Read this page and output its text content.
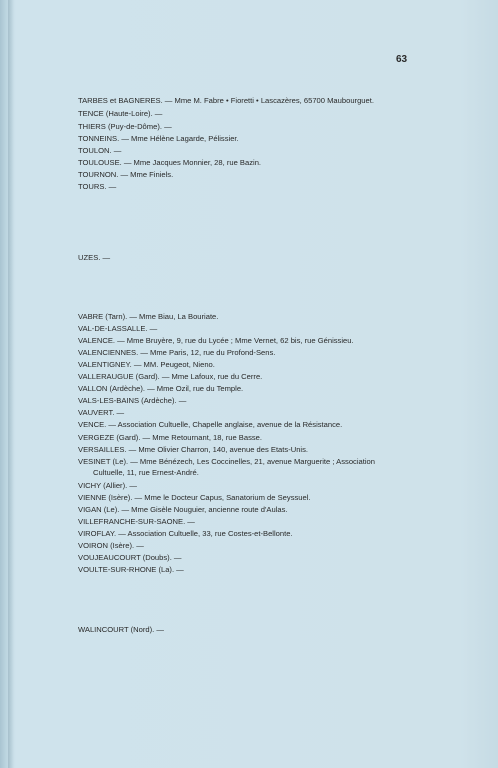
63
TARBES et BAGNERES. — Mme M. Fabre • Fioretti • Lascazères, 65700 Maubourguet.
TENCE (Haute-Loire). —
THIERS (Puy-de-Dôme). —
TONNEINS. — Mme Hélène Lagarde, Pélissier.
TOULON. —
TOULOUSE. — Mme Jacques Monnier, 28, rue Bazin.
TOURNON. — Mme Finiels.
TOURS. —
UZES. —
VABRE (Tarn). — Mme Biau, La Bouriate.
VAL-DE-LASSALLE. —
VALENCE. — Mme Bruyère, 9, rue du Lycée ; Mme Vernet, 62 bis, rue Génissieu.
VALENCIENNES. — Mme Paris, 12, rue du Profond-Sens.
VALENTIGNEY. — MM. Peugeot, Nieno.
VALLERAUGUE (Gard). — Mme Lafoux, rue du Cerre.
VALLON (Ardèche). — Mme Ozil, rue du Temple.
VALS-LES-BAINS (Ardèche). —
VAUVERT. —
VENCE. — Association Cultuelle, Chapelle anglaise, avenue de la Résistance.
VERGEZE (Gard). — Mme Retournant, 18, rue Basse.
VERSAILLES. — Mme Olivier Charron, 140, avenue des Etats-Unis.
VESINET (Le). — Mme Bénézech, Les Coccinelles, 21, avenue Marguerite ; Association
Cultuelle, 11, rue Ernest-André.
VICHY (Allier). —
VIENNE (Isère). — Mme le Docteur Capus, Sanatorium de Seyssuel.
VIGAN (Le). — Mme Gisèle Nouguier, ancienne route d'Aulas.
VILLEFRANCHE-SUR-SAONE. —
VIROFLAY. — Association Cultuelle, 33, rue Costes-et-Bellonte.
VOIRON (Isère). —
VOUJEAUCOURT (Doubs). —
VOULTE-SUR-RHONE (La). —
WALINCOURT (Nord). —
